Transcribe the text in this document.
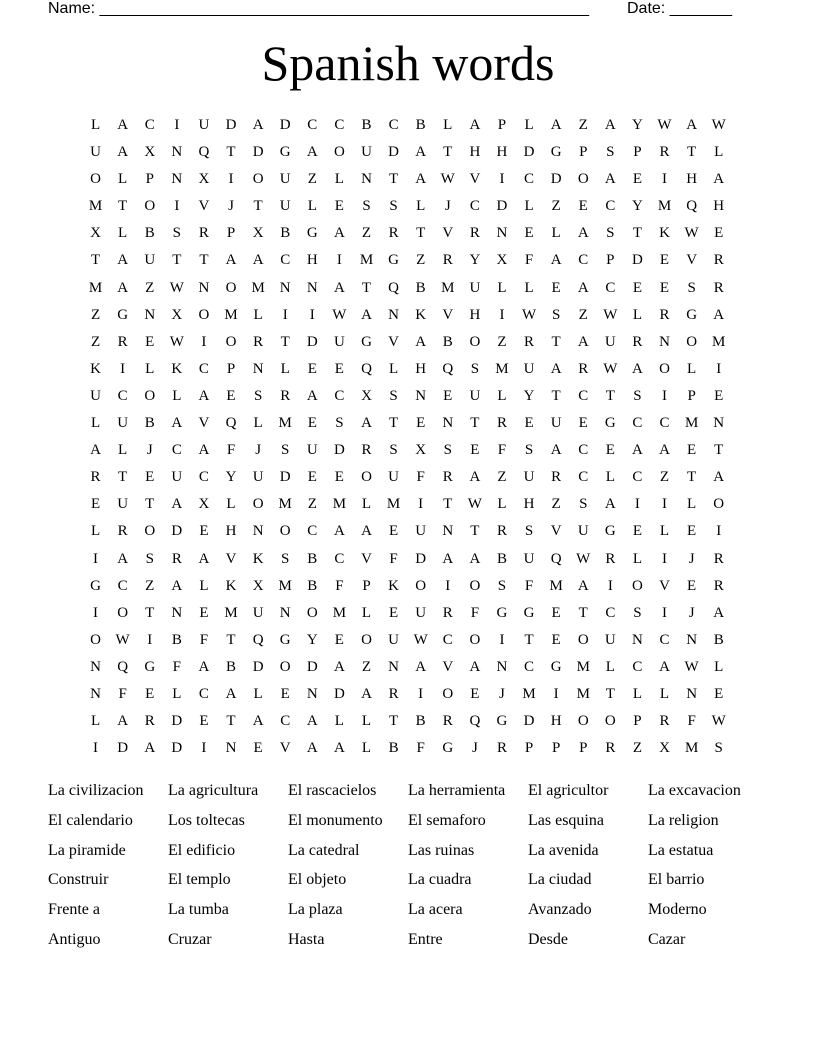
Name: _______________________________________________________ Date: _______
Spanish words
L	A	C	I	U	D	A	D	C	C	B	C	B	L	A	P	L	A	Z	A	Y W A W
U	A	X	N	Q	T	D	G	A	O	U	D	A	T	H	H	D	G	P	S	P	R	T	L
O	L	P	N	X	I	O	U	Z	L	N	T	A W V	I	C	D	O	A	E	I	H	A
M	T	O	I	V	J	T	U	L	E	S	S	L	J	C	D	L	Z	E	C	Y	M	Q	H
X	L	B	S	R	P	X	B	G	A	Z	R	T	V	R	N	E	L	A	S	T	K W	E
T	A	U	T	T	A	A	C	H	I	M	G	Z	R	Y	X	F	A	C	P	D	E	V	R
M	A	Z	W N	O	M	N	N	A	T	Q	B	M	U	L	L	E	A	C	E	E	S	R
Z	G	N	X	O	M	L	I	I	W A	N	K	V	H	I	W	S	Z	W	L	R	G	A
Z	R	E	W	I	O	R	T	D	U	G	V	A	B	O	Z	R	T	A	U	R	N	O	M
K	I	L	K	C	P	N	L	E	E	Q	L	H	Q	S	M	U	A	R	W A	O	L	I
U	C	O	L	A	E	S	R	A	C	X	S	N	E	U	L	Y	T	C	T	S	I	P	E
L	U	B	A	V	Q	L	M	E	S	A	T	E	N	T	R	E	U	E	G	C	C	M	N
A	L	J	C	A	F	J	S	U	D	R	S	X	S	E	F	S	A	C	E	A	A	E	T
R	T	E	U	C	Y	U	D	E	E	O	U	F	R	A	Z	U	R	C	L	C	Z	T	A
E	U	T	A	X	L	O	M	Z	M	L	M	I	T	W	L	H	Z	S	A	I	I	L	O
L	R	O	D	E	H	N	O	C	A	A	E	U	N	T	R	S	V	U	G	E	L	E	I
I	A	S	R	A	V	K	S	B	C	V	F	D	A	A	B	U	Q W	R	L	I	J	R
G	C	Z	A	L	K	X	M	B	F	P	K	O	I	O	S	F	M	A	I	O	V	E	R
I	O	T	N	E	M	U	N	O	M	L	E	U	R	F	G	G	E	T	C	S	I	J	A
O W	I	B	F	T	Q	G	Y	E	O	U W	C	O	I	T	E	O	U	N	C	N	B
N	Q	G	F	A	B	D	O	D	A	Z	N	A	V	A	N	C	G	M	L	C	A W	L
N	F	E	L	C	A	L	E	N	D	A	R	I	O	E	J	M	I	M	T	L	L	N	E
L	A	R	D	E	T	A	C	A	L	L	T	B	R	Q	G	D	H	O	O	P	R	F	W
I	D	A	D	I	N	E	V	A	A	L	B	F	G	J	R	P	P	P	R	Z	X	M	S
La civilizacion	La agricultura	El rascacielos	La herramienta	El agricultor	La excavacion
El calendario	Los toltecas	El monumento	El semaforo	Las esquina	La religion
La piramide	El edificio	La catedral	Las ruinas	La avenida	La estatua
Construir	El templo	El objeto	La cuadra	La ciudad	El barrio
Frente a	La tumba	La plaza	La acera	Avanzado	Moderno
Antiguo	Cruzar	Hasta	Entre	Desde	Cazar
